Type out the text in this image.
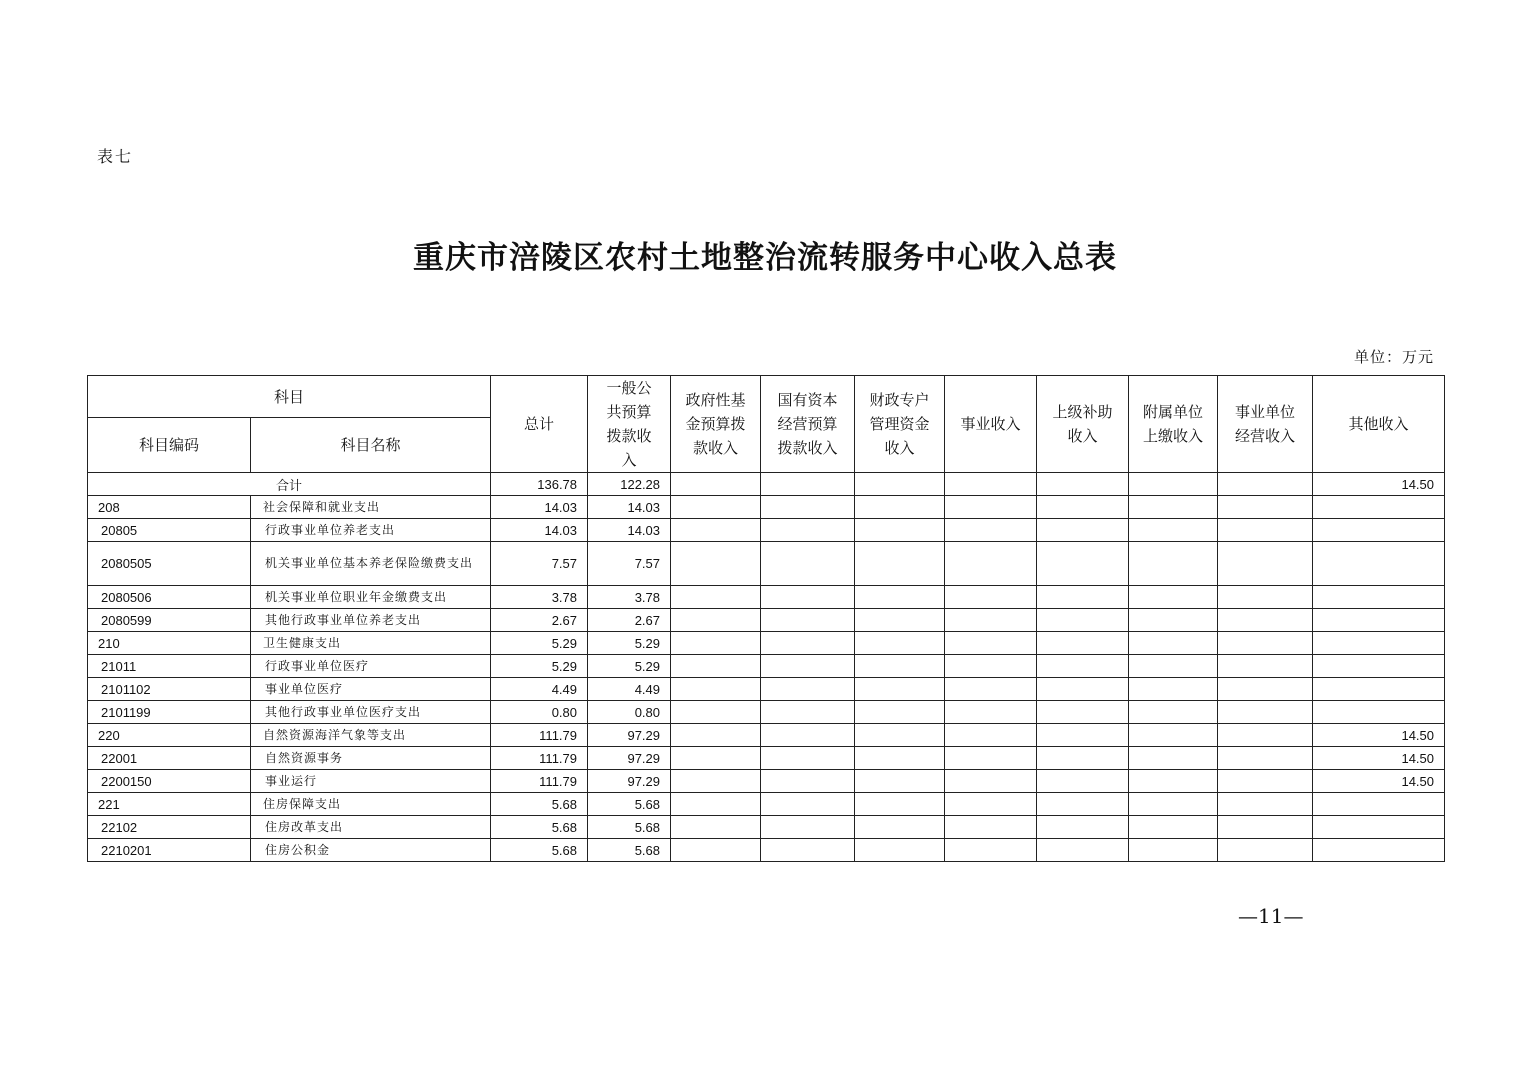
表七
重庆市涪陵区农村土地整治流转服务中心收入总表
单位：万元
科目		总计	一般公
共预算
拨款收
入	政府性基
金预算拨
款收入	国有资本
经营预算
拨款收入	财政专户
管理资金
收入	事业收入	上级补助
收入	附属单位
上缴收入	事业单位
经营收入	其他收入
科目编码	科目名称										
合计		136.78	122.28								14.50
208	社会保障和就业支出	14.03	14.03								
20805	行政事业单位养老支出	14.03	14.03								
2080505	机关事业单位基本养老保险缴费支出	7.57	7.57								
2080506	机关事业单位职业年金缴费支出	3.78	3.78								
2080599	其他行政事业单位养老支出	2.67	2.67								
210	卫生健康支出	5.29	5.29								
21011	行政事业单位医疗	5.29	5.29								
2101102	事业单位医疗	4.49	4.49								
2101199	其他行政事业单位医疗支出	0.80	0.80								
220	自然资源海洋气象等支出	111.79	97.29								14.50
22001	自然资源事务	111.79	97.29								14.50
2200150	事业运行	111.79	97.29								14.50
221	住房保障支出	5.68	5.68								
22102	住房改革支出	5.68	5.68								
2210201	住房公积金	5.68	5.68								
—11—
